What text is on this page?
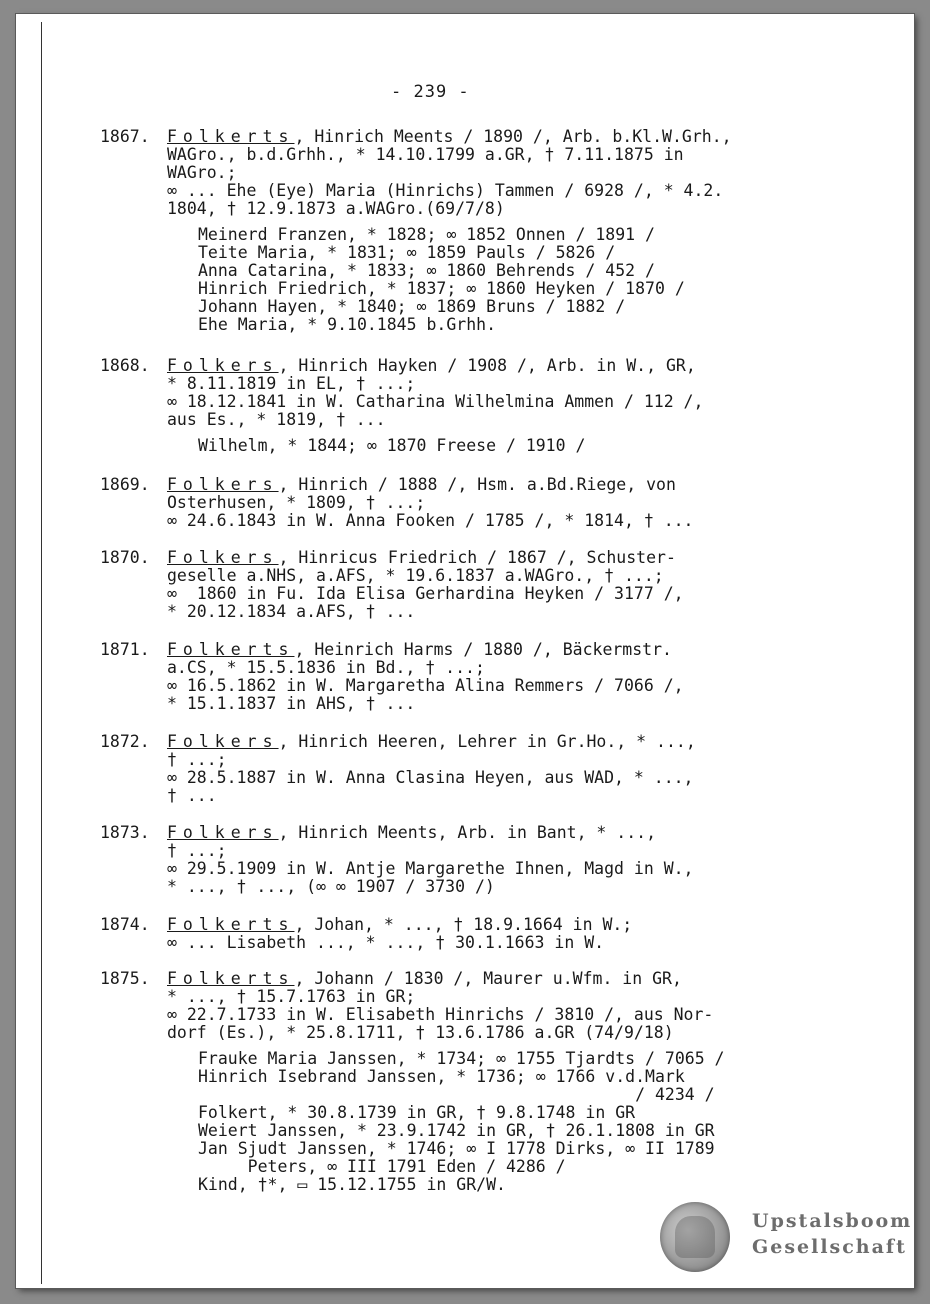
- 239 -
1867.	Folkerts, Hinrich Meents / 1890 /, Arb. b.Kl.W.Grh.,
WAGro., b.d.Grhh., * 14.10.1799 a.GR, † 7.11.1875 in
WAGro.;
∞ ... Ehe (Eye) Maria (Hinrichs) Tammen / 6928 /, * 4.2.
1804, † 12.9.1873 a.WAGro.(69/7/8)
Meinerd Franzen, * 1828; ∞ 1852 Onnen / 1891 /
Teite Maria, * 1831; ∞ 1859 Pauls / 5826 /
Anna Catarina, * 1833; ∞ 1860 Behrends / 452 /
Hinrich Friedrich, * 1837; ∞ 1860 Heyken / 1870 /
Johann Hayen, * 1840; ∞ 1869 Bruns / 1882 /
Ehe Maria, * 9.10.1845 b.Grhh.
1868.	Folkers, Hinrich Hayken / 1908 /, Arb. in W., GR,
* 8.11.1819 in EL, † ...;
∞ 18.12.1841 in W. Catharina Wilhelmina Ammen / 112 /,
aus Es., * 1819, † ...
Wilhelm, * 1844; ∞ 1870 Freese / 1910 /
1869.	Folkers, Hinrich / 1888 /, Hsm. a.Bd.Riege, von
Osterhusen, * 1809, † ...;
∞ 24.6.1843 in W. Anna Fooken / 1785 /, * 1814, † ...
1870.	Folkers, Hinricus Friedrich / 1867 /, Schuster-
geselle a.NHS, a.AFS, * 19.6.1837 a.WAGro., † ...;
∞  1860 in Fu. Ida Elisa Gerhardina Heyken / 3177 /,
* 20.12.1834 a.AFS, † ...
1871.	Folkerts, Heinrich Harms / 1880 /, Bäckermstr.
a.CS, * 15.5.1836 in Bd., † ...;
∞ 16.5.1862 in W. Margaretha Alina Remmers / 7066 /,
* 15.1.1837 in AHS, † ...
1872.	Folkers, Hinrich Heeren, Lehrer in Gr.Ho., * ...,
† ...;
∞ 28.5.1887 in W. Anna Clasina Heyen, aus WAD, * ...,
† ...
1873.	Folkers, Hinrich Meents, Arb. in Bant, * ...,
† ...;
∞ 29.5.1909 in W. Antje Margarethe Ihnen, Magd in W.,
* ..., † ..., (∞ ∞ 1907 / 3730 /)
1874.	Folkerts, Johan, * ..., † 18.9.1664 in W.;
∞ ... Lisabeth ..., * ..., † 30.1.1663 in W.
1875.	Folkerts, Johann / 1830 /, Maurer u.Wfm. in GR,
* ..., † 15.7.1763 in GR;
∞ 22.7.1733 in W. Elisabeth Hinrichs / 3810 /, aus Nor-
dorf (Es.), * 25.8.1711, † 13.6.1786 a.GR (74/9/18)
Frauke Maria Janssen, * 1734; ∞ 1755 Tjardts / 7065 /
Hinrich Isebrand Janssen, * 1736; ∞ 1766 v.d.Mark
/ 4234 /
Folkert, * 30.8.1739 in GR, † 9.8.1748 in GR
Weiert Janssen, * 23.9.1742 in GR, † 26.1.1808 in GR
Jan Sjudt Janssen, * 1746; ∞ I 1778 Dirks, ∞ II 1789
Peters, ∞ III 1791 Eden / 4286 /
Kind, †*, ▭ 15.12.1755 in GR/W.
Upstalsboom
Gesellschaft
